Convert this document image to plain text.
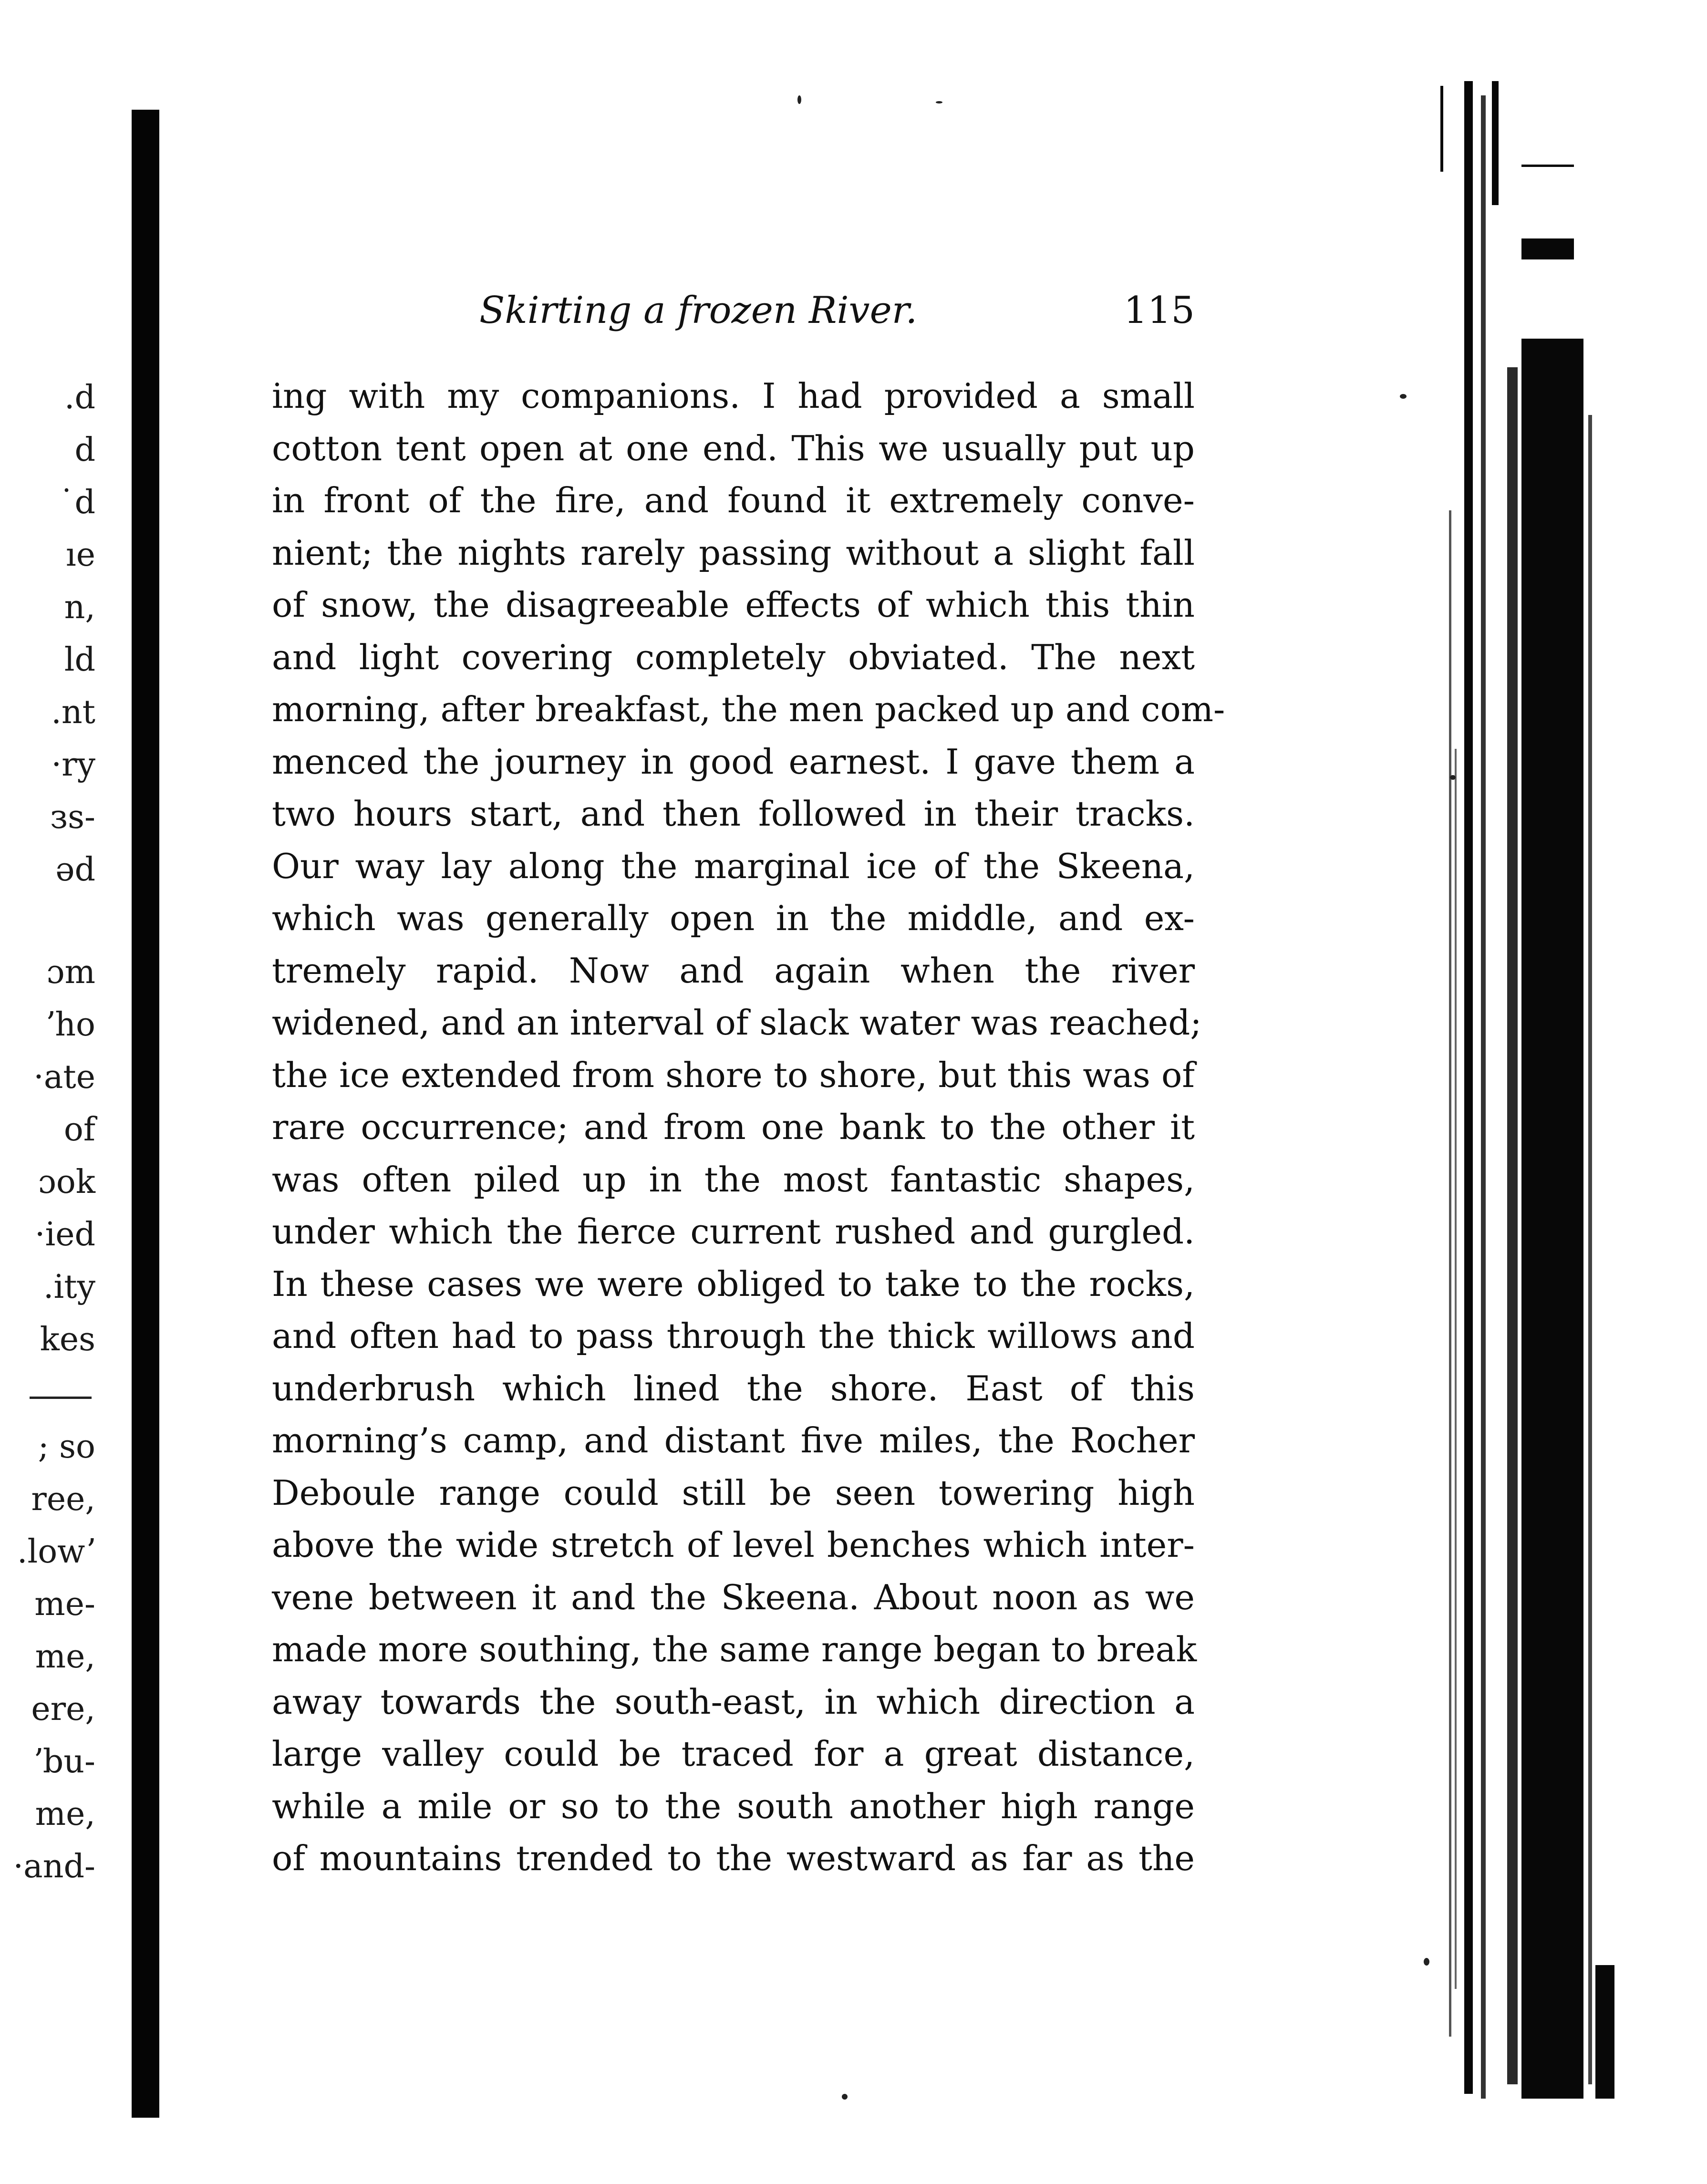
.d
d
˙d
ıe
n,
ld
.nt
·ry
зs-
əd
ɔm
ʼho
·ate
of
ɔok
·ied
.ity
kes
; so
ree,
.lowʼ
me-
me,
ere,
ʼbu-
me,
·and-
Skirting a frozen River.	115
ing with my companions. I had provided a small
cotton tent open at one end. This we usually put up
in front of the fire, and found it extremely conve-
nient; the nights rarely passing without a slight fall
of snow, the disagreeable effects of which this thin
and light covering completely obviated. The next
morning, after breakfast, the men packed up and com-
menced the journey in good earnest. I gave them a
two hours start, and then followed in their tracks.
Our way lay along the marginal ice of the Skeena,
which was generally open in the middle, and ex-
tremely rapid. Now and again when the river
widened, and an interval of slack water was reached;
the ice extended from shore to shore, but this was of
rare occurrence; and from one bank to the other it
was often piled up in the most fantastic shapes,
under which the fierce current rushed and gurgled.
In these cases we were obliged to take to the rocks,
and often had to pass through the thick willows and
underbrush which lined the shore. East of this
morning’s camp, and distant five miles, the Rocher
Deboule range could still be seen towering high
above the wide stretch of level benches which inter-
vene between it and the Skeena. About noon as we
made more southing, the same range began to break
away towards the south-east, in which direction a
large valley could be traced for a great distance,
while a mile or so to the south another high range
of mountains trended to the westward as far as the
